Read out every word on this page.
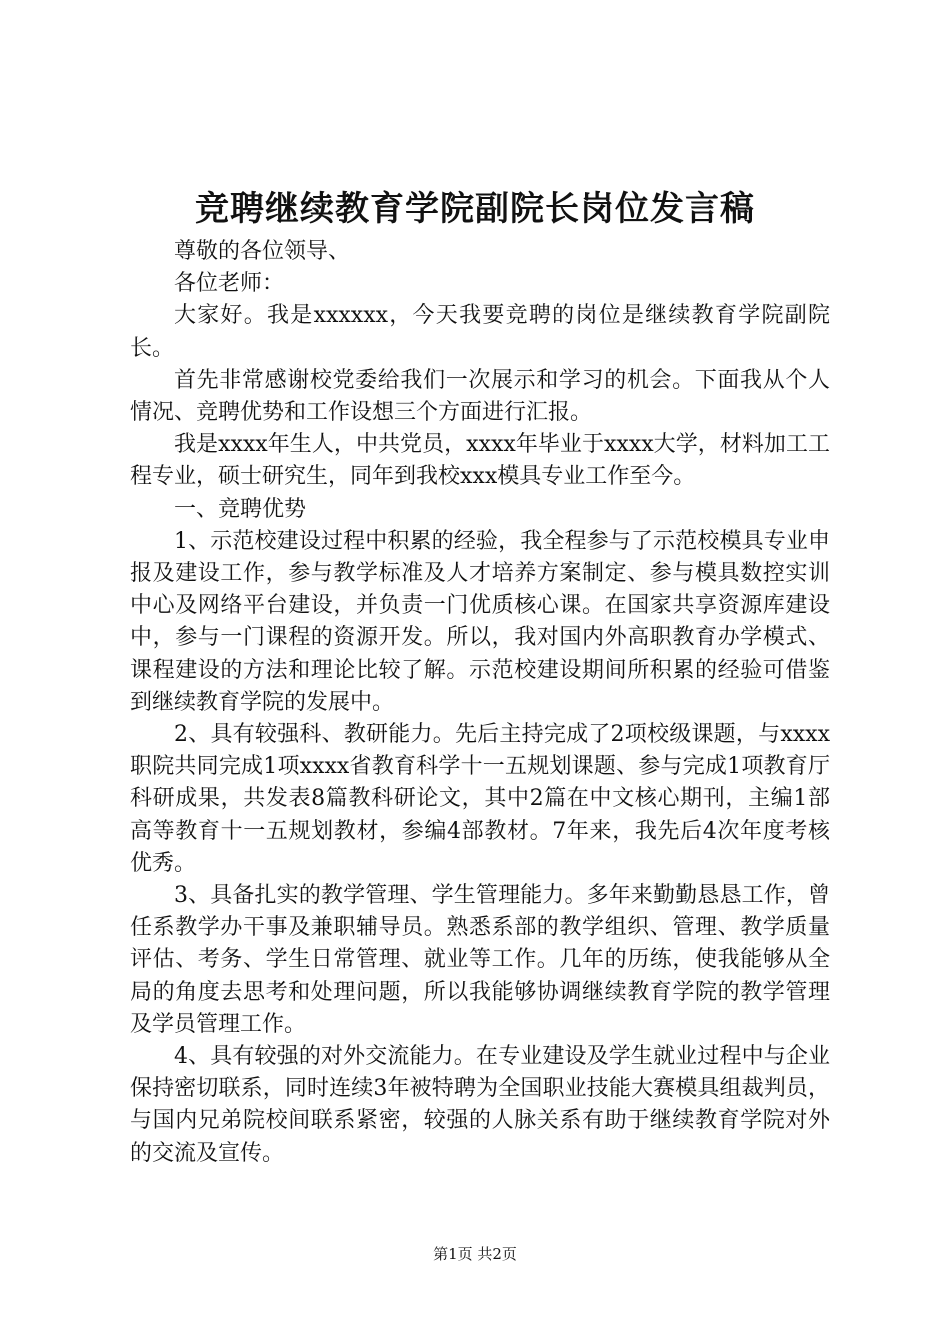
竞聘继续教育学院副院长岗位发言稿

尊敬的各位领导、

各位老师：

大家好。我是xxxxxx，今天我要竞聘的岗位是继续教育学院副院长。

首先非常感谢校党委给我们一次展示和学习的机会。下面我从个人情况、竞聘优势和工作设想三个方面进行汇报。

我是xxxx年生人，中共党员，xxxx年毕业于xxxx大学，材料加工工程专业，硕士研究生，同年到我校xxx模具专业工作至今。

一、竞聘优势

1、示范校建设过程中积累的经验，我全程参与了示范校模具专业申报及建设工作，参与教学标准及人才培养方案制定、参与模具数控实训中心及网络平台建设，并负责一门优质核心课。在国家共享资源库建设中，参与一门课程的资源开发。所以，我对国内外高职教育办学模式、课程建设的方法和理论比较了解。示范校建设期间所积累的经验可借鉴到继续教育学院的发展中。

2、具有较强科、教研能力。先后主持完成了2项校级课题，与xxxx职院共同完成1项xxxx省教育科学十一五规划课题、参与完成1项教育厅科研成果，共发表8篇教科研论文，其中2篇在中文核心期刊，主编1部高等教育十一五规划教材，参编4部教材。7年来，我先后4次年度考核优秀。

3、具备扎实的教学管理、学生管理能力。多年来勤勤恳恳工作，曾任系教学办干事及兼职辅导员。熟悉系部的教学组织、管理、教学质量评估、考务、学生日常管理、就业等工作。几年的历练，使我能够从全局的角度去思考和处理问题，所以我能够协调继续教育学院的教学管理及学员管理工作。

4、具有较强的对外交流能力。在专业建设及学生就业过程中与企业保持密切联系，同时连续3年被特聘为全国职业技能大赛模具组裁判员，与国内兄弟院校间联系紧密，较强的人脉关系有助于继续教育学院对外的交流及宣传。

第1页 共2页
